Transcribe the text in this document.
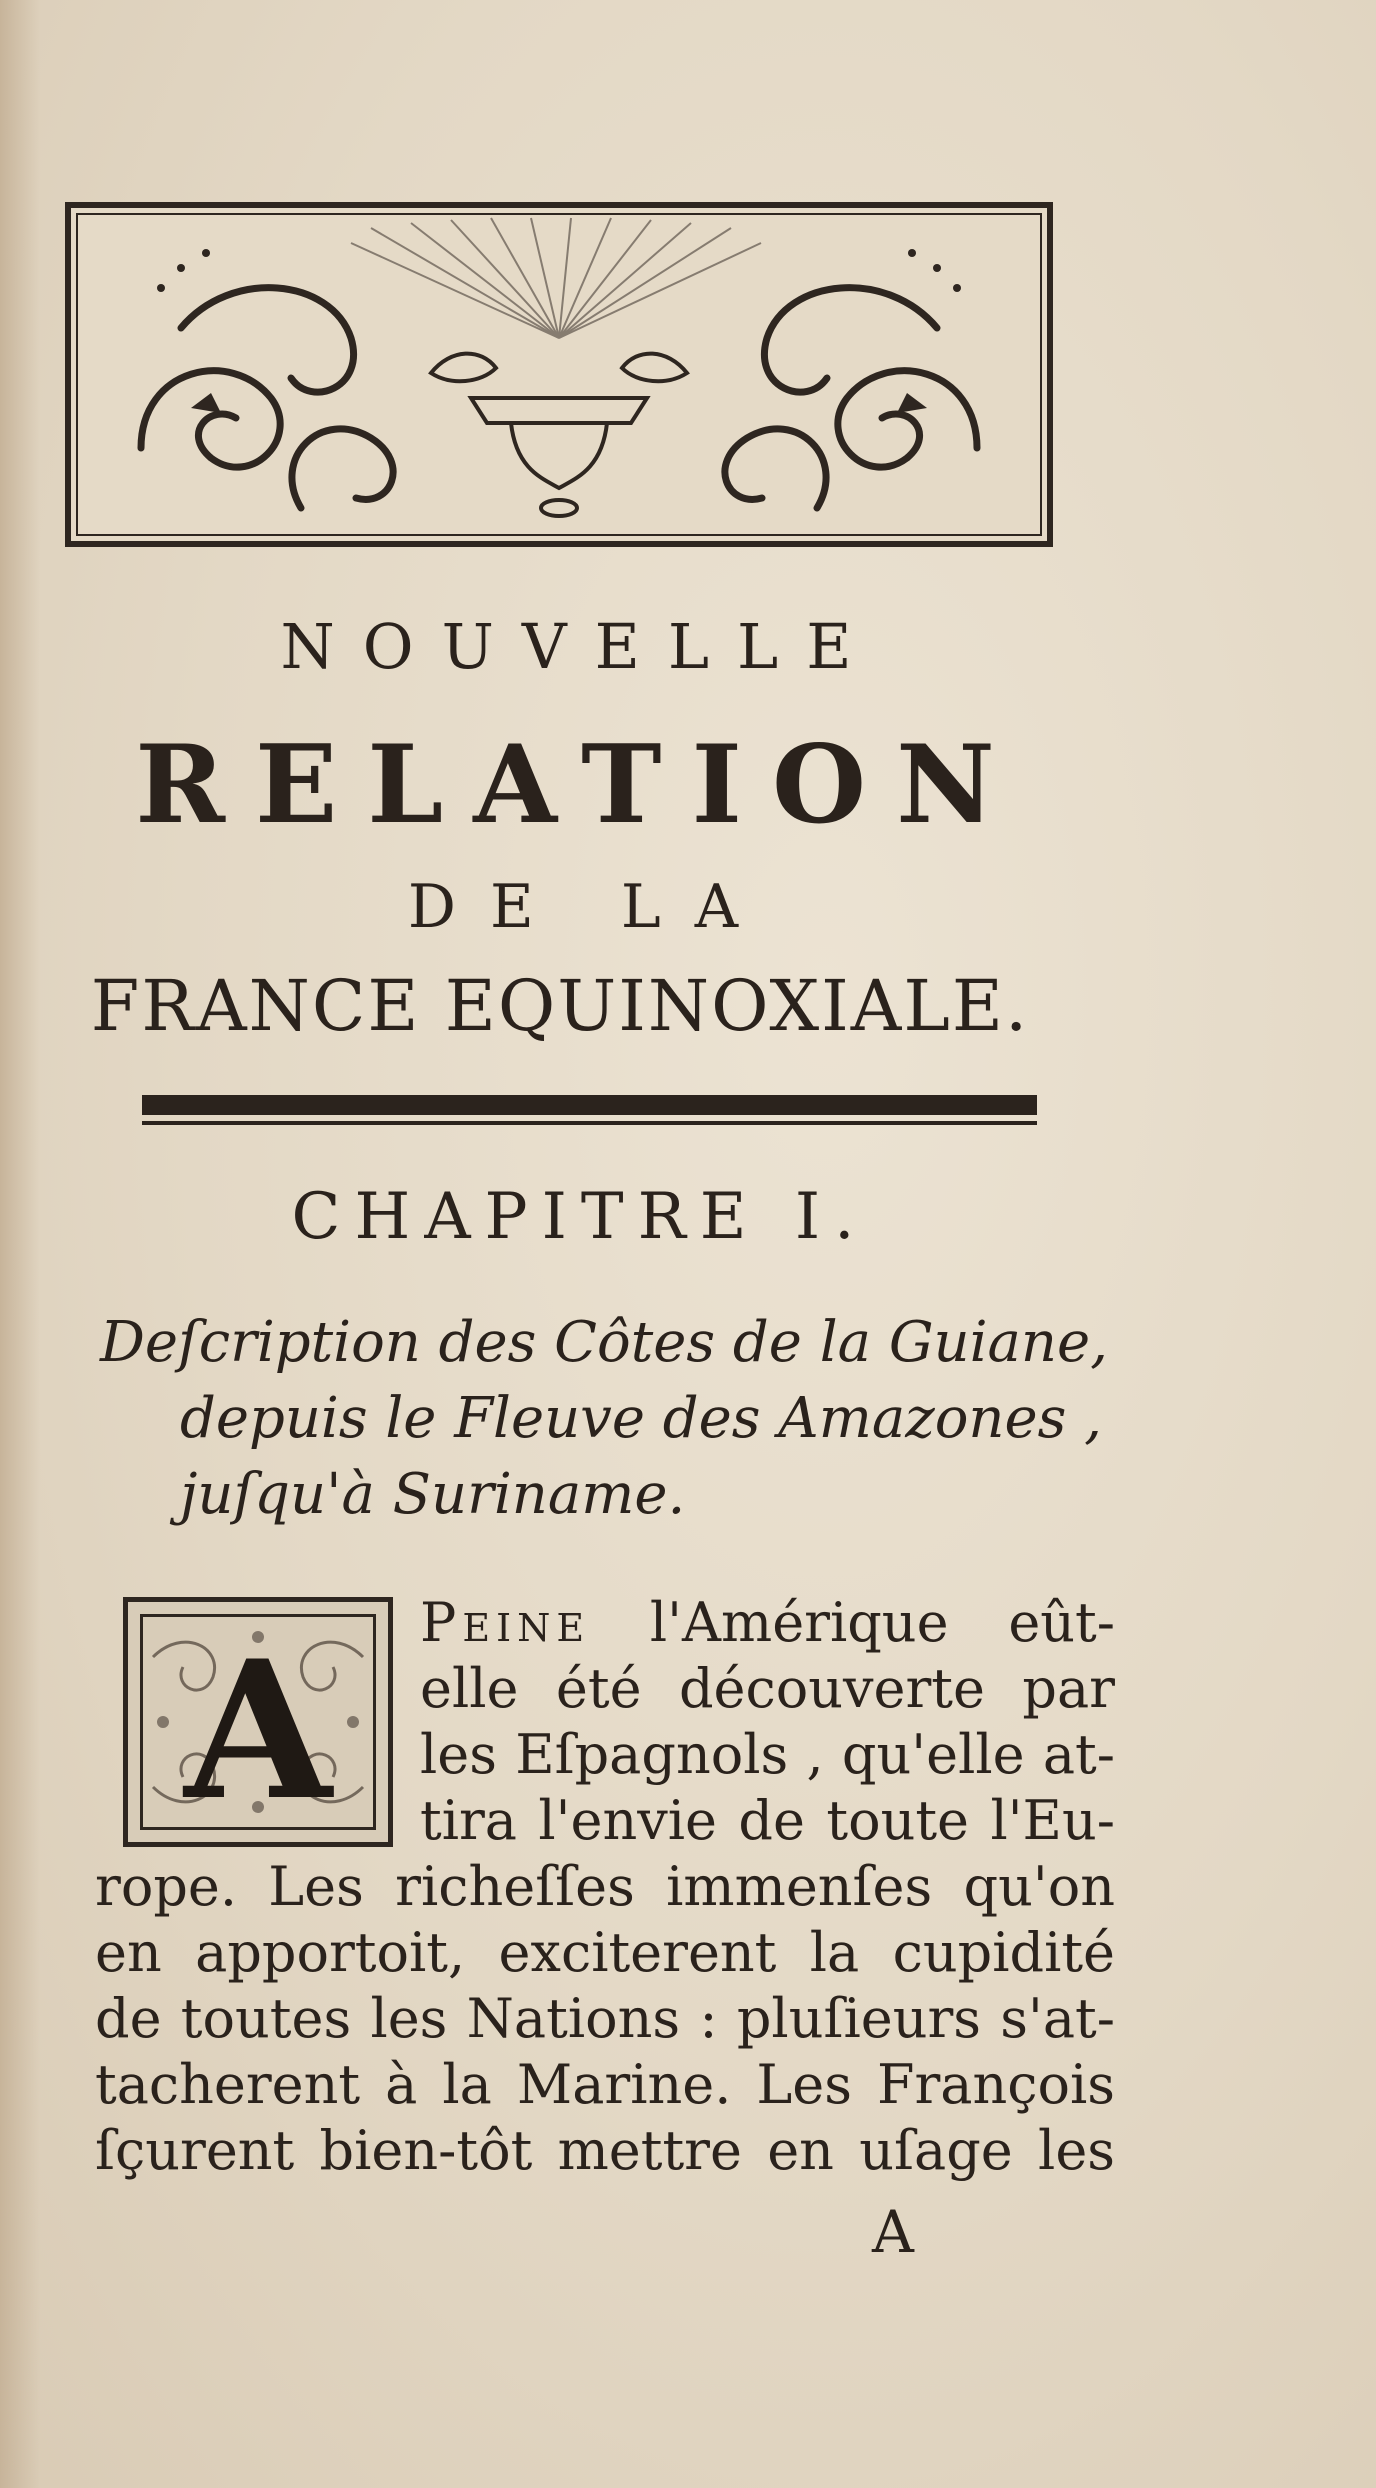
NOUVELLE
RELATION
DE LA
FRANCE EQUINOXIALE.
CHAPITRE I.
Deſcription des Côtes de la Guiane,
depuis le Fleuve des Amazones ,
juſqu'à Suriname.
A	Peine l'Amérique eût-
elle été découverte par
les Eſpagnols , qu'elle at-
tira l'envie de toute l'Eu-
rope. Les richeſſes immenſes qu'on
en apportoit, exciterent la cupidité
de toutes les Nations : pluſieurs s'at-
tacherent à la Marine. Les François
ſçurent bien-tôt mettre en uſage les
A
